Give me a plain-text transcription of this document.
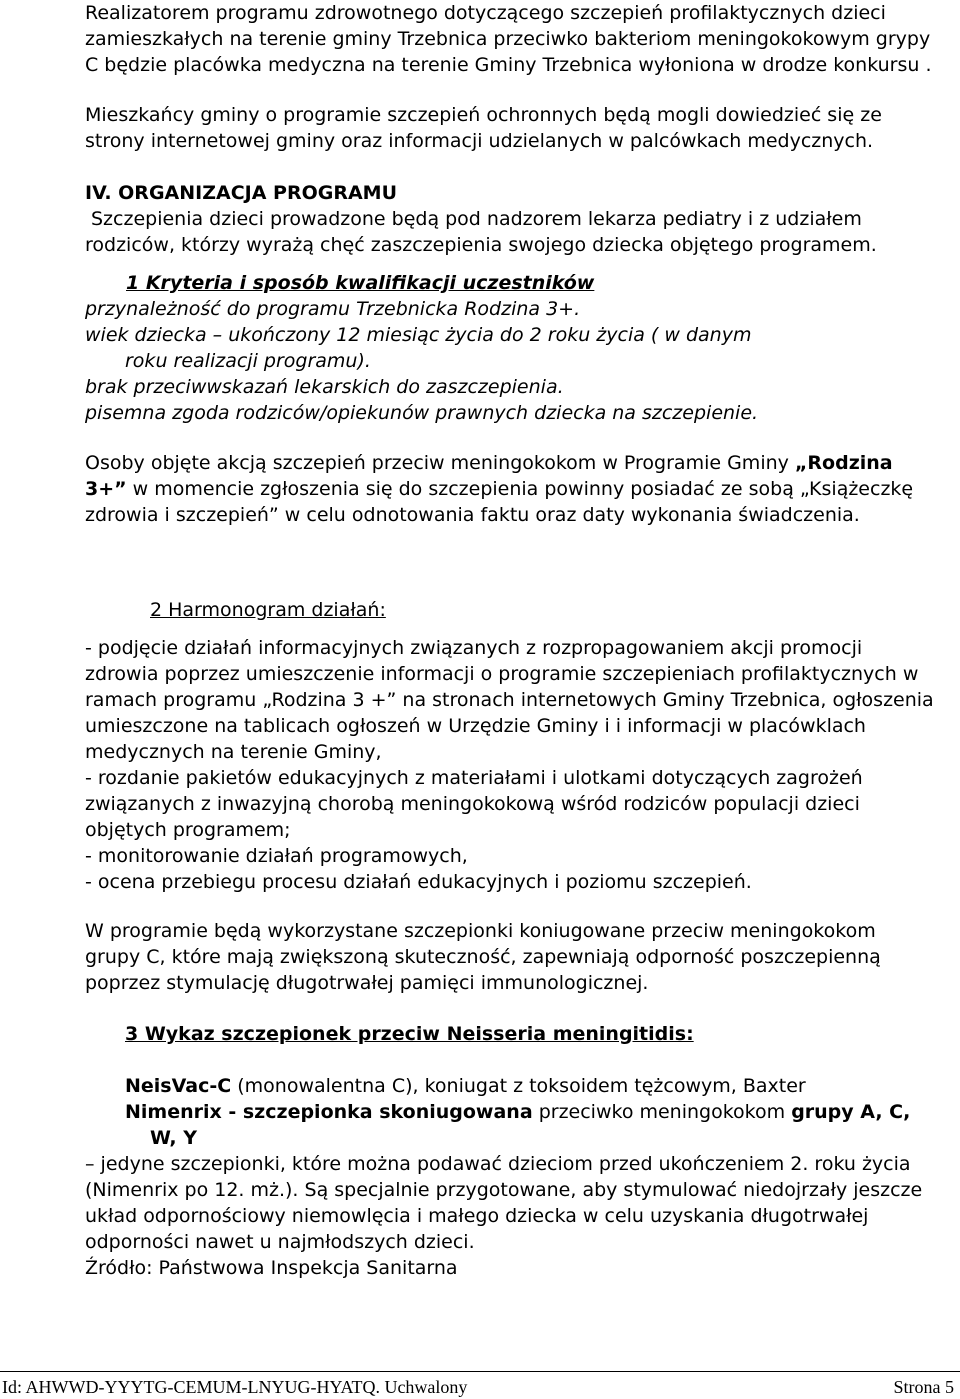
Realizatorem programu zdrowotnego dotyczącego szczepień profilaktycznych dzieci zamieszkałych na terenie gminy Trzebnica przeciwko bakteriom meningokokowym grypy C będzie placówka medyczna na terenie Gminy Trzebnica wyłoniona w drodze konkursu .

Mieszkańcy gminy o programie szczepień ochronnych będą mogli dowiedzieć się ze strony internetowej gminy oraz informacji udzielanych w palcówkach medycznych.

IV. ORGANIZACJA PROGRAMU

Szczepienia dzieci prowadzone będą pod nadzorem lekarza pediatry i z udziałem rodziców, którzy wyrażą chęć zaszczepienia swojego dziecka objętego programem.

1 Kryteria i sposób kwalifikacji uczestników

przynależność do programu Trzebnicka Rodzina 3+.

wiek dziecka – ukończony 12 miesiąc życia do 2 roku życia ( w danym

roku realizacji programu).

brak przeciwwskazań lekarskich do zaszczepienia.

pisemna zgoda rodziców/opiekunów prawnych dziecka na szczepienie.

Osoby objęte akcją szczepień przeciw meningokokom w Programie Gminy „Rodzina 3+” w momencie zgłoszenia się do szczepienia powinny posiadać ze sobą „Książeczkę zdrowia i szczepień” w celu odnotowania faktu oraz daty wykonania świadczenia.

2 Harmonogram działań:

- podjęcie działań informacyjnych związanych z rozpropagowaniem akcji promocji zdrowia poprzez umieszczenie informacji o programie szczepieniach profilaktycznych w ramach programu „Rodzina 3 +” na stronach internetowych Gminy Trzebnica, ogłoszenia umieszczone na tablicach ogłoszeń w Urzędzie Gminy i i informacji w placówklach medycznych na terenie Gminy,

- rozdanie pakietów edukacyjnych z materiałami i ulotkami dotyczących zagrożeń związanych z inwazyjną chorobą meningokokową wśród rodziców populacji dzieci objętych programem;

- monitorowanie działań programowych,

- ocena przebiegu procesu działań edukacyjnych i poziomu szczepień.

W programie będą wykorzystane szczepionki koniugowane przeciw meningokokom grupy C, które mają zwiększoną skuteczność, zapewniają odporność poszczepienną poprzez stymulację długotrwałej pamięci immunologicznej.

3 Wykaz szczepionek przeciw Neisseria meningitidis:

NeisVac-C (monowalentna C), koniugat z toksoidem tężcowym, Baxter

Nimenrix - szczepionka skoniugowana przeciwko meningokokom grupy A, C,

W, Y

– jedyne szczepionki, które można podawać dzieciom przed ukończeniem 2. roku życia (Nimenrix po 12. mż.). Są specjalnie przygotowane, aby stymulować niedojrzały jeszcze układ odpornościowy niemowlęcia i małego dziecka w celu uzyskania długotrwałej odporności nawet u najmłodszych dzieci.

Źródło: Państwowa Inspekcja Sanitarna

Id: AHWWD-YYYTG-CEMUM-LNYUG-HYATQ. Uchwalony	Strona 5
